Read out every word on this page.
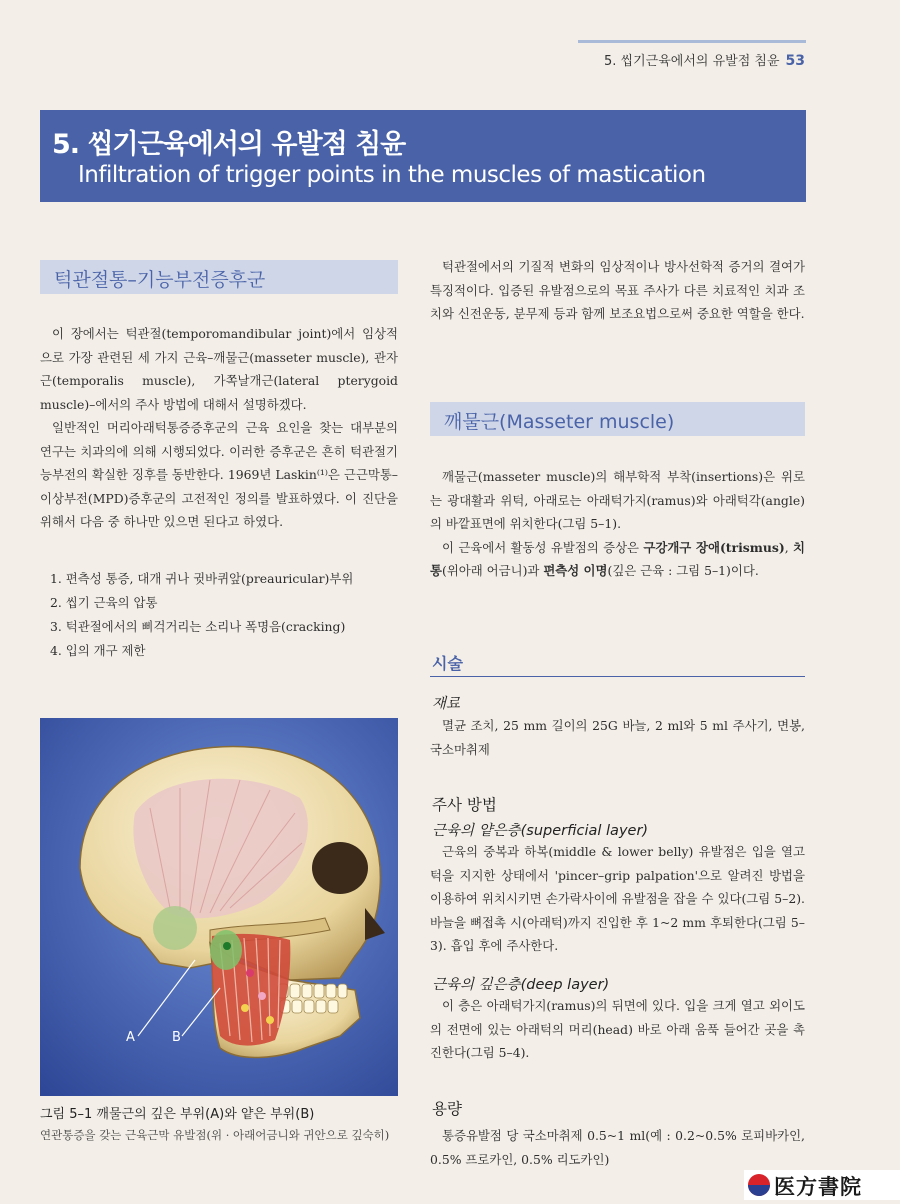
5. 씹기근육에서의 유발점 침윤 53
5. 씹기근육에서의 유발점 침윤
Infiltration of trigger points in the muscles of mastication
턱관절통–기능부전증후군

이 장에서는 턱관절(temporomandibular joint)에서 임상적으로 가장 관련된 세 가지 근육–깨물근(masseter muscle), 관자근(temporalis muscle), 가쪽날개근(lateral pterygoid muscle)–에서의 주사 방법에 대해서 설명하겠다.

일반적인 머리아래턱통증증후군의 근육 요인을 찾는 대부분의 연구는 치과의에 의해 시행되었다. 이러한 증후군은 흔히 턱관절기능부전의 확실한 징후를 동반한다. 1969년 Laskin⁽¹⁾은 근근막통–이상부전(MPD)증후군의 고전적인 정의를 발표하였다. 이 진단을 위해서 다음 중 하나만 있으면 된다고 하였다.

1. 편측성 통증, 대개 귀나 귓바퀴앞(preauricular)부위
2. 씹기 근육의 압통
3. 턱관절에서의 삐걱거리는 소리나 폭명음(cracking)
4. 입의 개구 제한
A	B
그림 5–1 깨물근의 깊은 부위(A)와 얕은 부위(B)
연관통증을 갖는 근육근막 유발점(위 · 아래어금니와 귀안으로 깊숙히)

턱관절에서의 기질적 변화의 임상적이나 방사선학적 증거의 결여가 특징적이다. 입증된 유발점으로의 목표 주사가 다른 치료적인 치과 조치와 신전운동, 분무제 등과 함께 보조요법으로써 중요한 역할을 한다.

깨물근(Masseter muscle)

깨물근(masseter muscle)의 해부학적 부착(insertions)은 위로는 광대활과 위턱, 아래로는 아래턱가지(ramus)와 아래턱각(angle)의 바깥표면에 위치한다(그림 5–1).

이 근육에서 활동성 유발점의 증상은 구강개구 장애(trismus), 치통(위아래 어금니)과 편측성 이명(깊은 근육 : 그림 5–1)이다.

시술
재료

멸균 조치, 25 mm 길이의 25G 바늘, 2 ml와 5 ml 주사기, 면봉, 국소마취제

주사 방법
근육의 얕은층(superficial layer)

근육의 중복과 하복(middle & lower belly) 유발점은 입을 열고 턱을 지지한 상태에서 'pincer–grip palpation'으로 알려진 방법을 이용하여 위치시키면 손가락사이에 유발점을 잡을 수 있다(그림 5–2). 바늘을 뼈접촉 시(아래턱)까지 진입한 후 1~2 mm 후퇴한다(그림 5–3). 흡입 후에 주사한다.

근육의 깊은층(deep layer)

이 층은 아래턱가지(ramus)의 뒤면에 있다. 입을 크게 열고 외이도의 전면에 있는 아래턱의 머리(head) 바로 아래 움푹 들어간 곳을 촉진한다(그림 5–4).

용량

통증유발점 당 국소마취제 0.5~1 ml(예 : 0.2~0.5% 로피바카인, 0.5% 프로카인, 0.5% 리도카인)

医方書院
